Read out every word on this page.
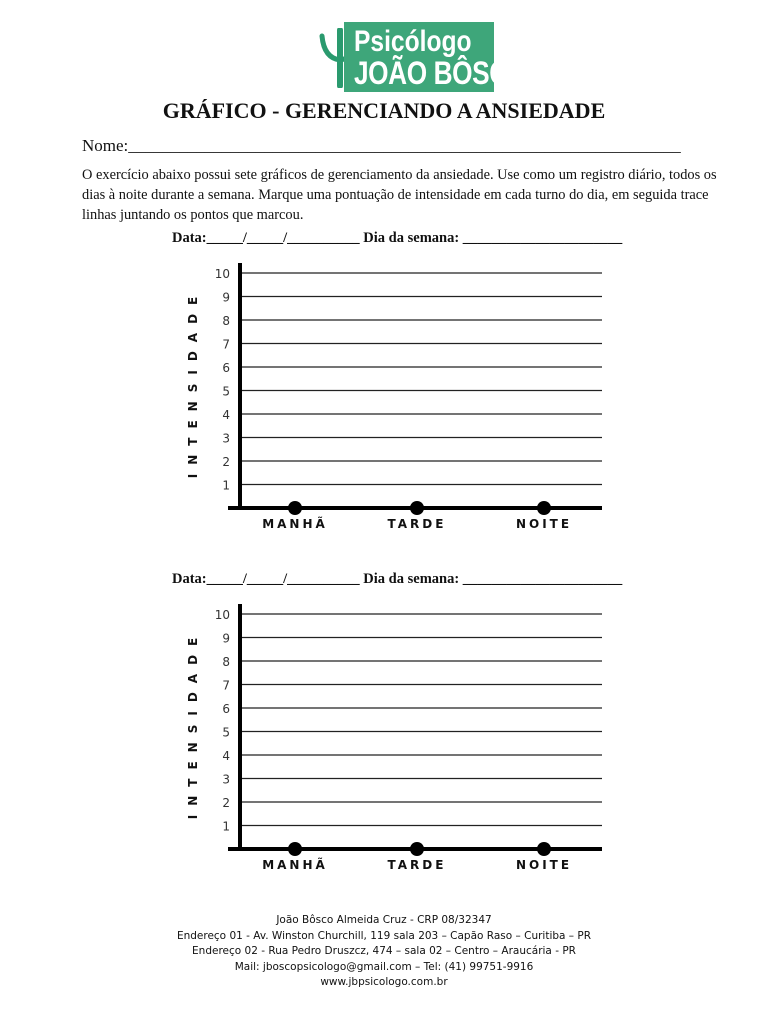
Psicólogo
JOÃO BÔSCO
GRÁFICO - GERENCIANDO A ANSIEDADE
Nome:_________________________________________________________________
O exercício abaixo possui sete gráficos de gerenciamento da ansiedade. Use como um registro diário, todos os dias à noite durante a semana. Marque uma pontuação de intensidade em cada turno do dia, em seguida trace linhas juntando os pontos que marcou.
Data:_____/_____/__________ Dia da semana: ______________________
1
2
3
4
5
6
7
8
9
10
INTENSIDADE
MANHÃ	TARDE	NOITE
Data:_____/_____/__________ Dia da semana: ______________________
1
2
3
4
5
6
7
8
9
10
INTENSIDADE
MANHÃ	TARDE	NOITE
João Bôsco Almeida Cruz - CRP 08/32347
Endereço 01 - Av. Winston Churchill, 119 sala 203 – Capão Raso – Curitiba – PR
Endereço 02 - Rua Pedro Druszcz, 474 – sala 02 – Centro – Araucária - PR
Mail: jboscopsicologo@gmail.com – Tel: (41) 99751-9916
www.jbpsicologo.com.br
